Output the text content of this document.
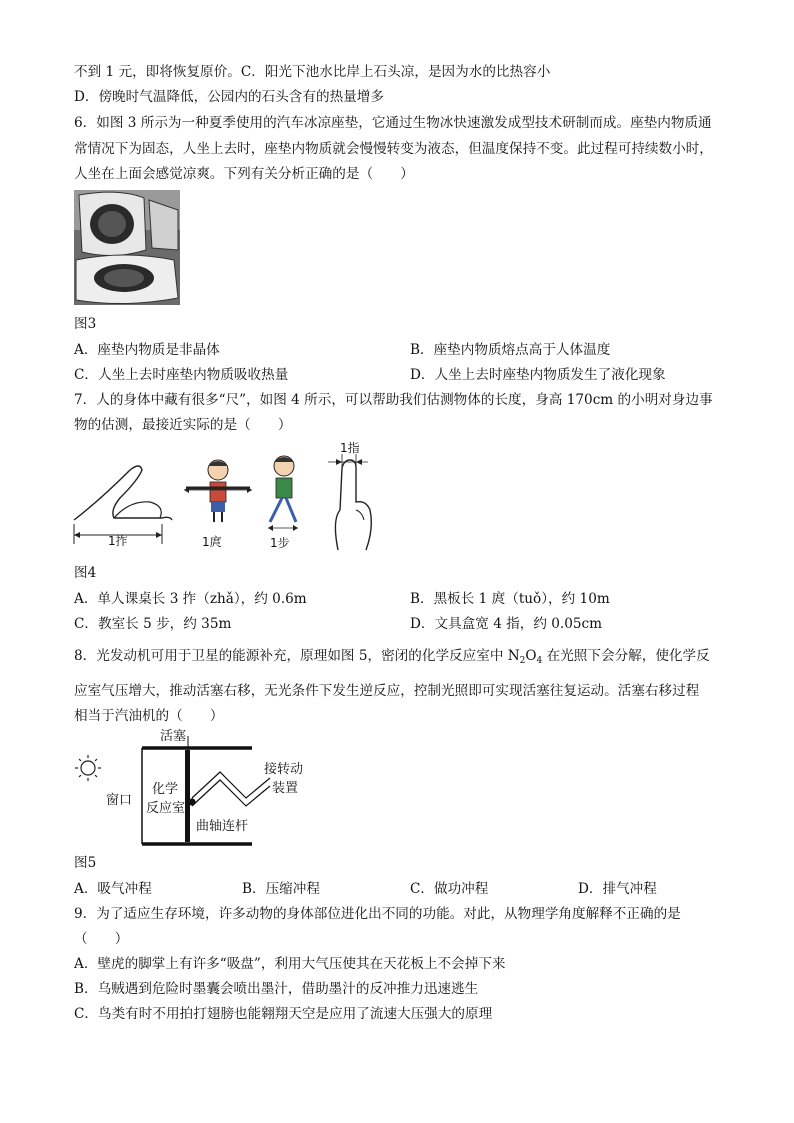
不到 1 元，即将恢复原价。C．阳光下池水比岸上石头凉，是因为水的比热容小
D．傍晚时气温降低，公园内的石头含有的热量增多
6．如图 3 所示为一种夏季使用的汽车冰凉座垫，它通过生物冰快速激发成型技术研制而成。座垫内物质通
常情况下为固态，人坐上去时，座垫内物质就会慢慢转变为液态，但温度保持不变。此过程可持续数小时，
人坐在上面会感觉凉爽。下列有关分析正确的是（　　）
图3
A．座垫内物质是非晶体	B．座垫内物质熔点高于人体温度
C．人坐上去时座垫内物质吸收热量	D．人坐上去时座垫内物质发生了液化现象
7．人的身体中藏有很多“尺”，如图 4 所示，可以帮助我们估测物体的长度，身高 170cm 的小明对身边事
物的估测，最接近实际的是（　　）
1拃	1庹	1步
1指
图4
A．单人课桌长 3 拃（zhǎ），约 0.6m	B．黑板长 1 庹（tuǒ），约 10m
C．教室长 5 步，约 35m	D．文具盒宽 4 指，约 0.05cm
8．光发动机可用于卫星的能源补充，原理如图 5，密闭的化学反应室中 $N_2O_4$ 在光照下会分解，使化学反
应室气压增大，推动活塞右移，无光条件下发生逆反应，控制光照即可实现活塞往复运动。活塞右移过程
相当于汽油机的（　　）
窗口
活塞
化学
反应室
接转动
装置
曲轴连杆
图5
A．吸气冲程	B．压缩冲程	C．做功冲程	D．排气冲程
9．为了适应生存环境，许多动物的身体部位进化出不同的功能。对此，从物理学角度解释不正确的是
（　　）
A．壁虎的脚掌上有许多“吸盘”，利用大气压使其在天花板上不会掉下来
B．乌贼遇到危险时墨囊会喷出墨汁，借助墨汁的反冲推力迅速逃生
C．鸟类有时不用拍打翅膀也能翱翔天空是应用了流速大压强大的原理
